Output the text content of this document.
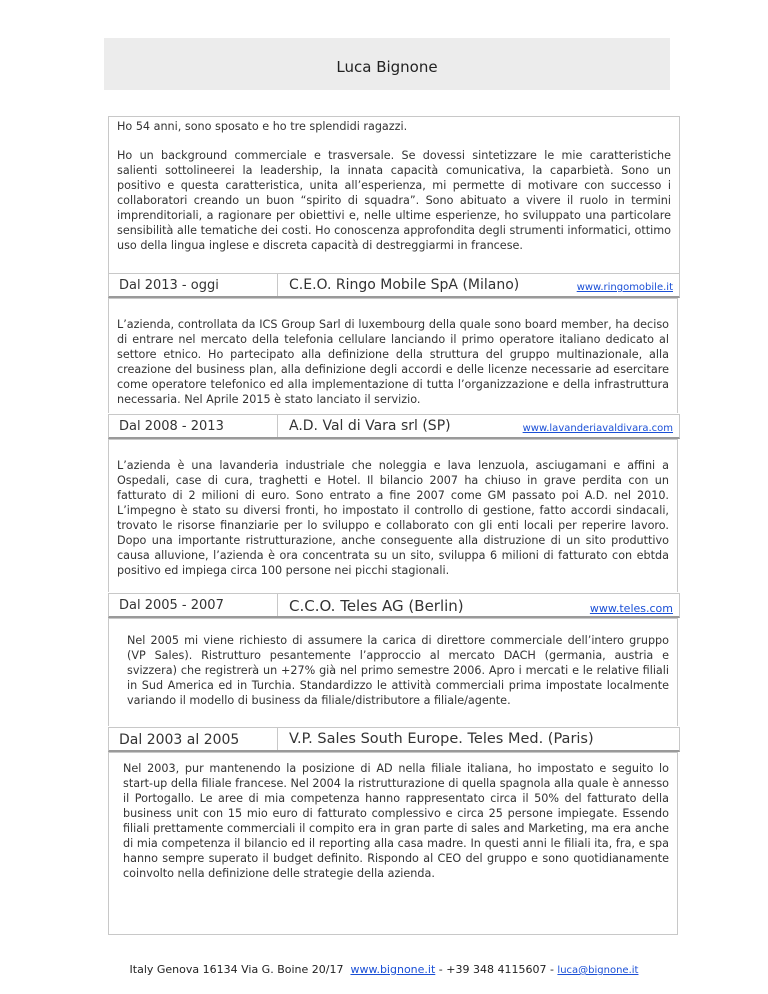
Luca Bignone
Ho 54 anni, sono sposato e ho tre splendidi ragazzi.
Ho un background commerciale e trasversale. Se dovessi sintetizzare le mie caratteristiche salienti sottolineerei la leadership, la innata capacità comunicativa, la caparbietà. Sono un positivo e questa caratteristica, unita all’esperienza, mi permette di motivare con successo i collaboratori creando un buon “spirito di squadra”. Sono abituato a vivere il ruolo in termini imprenditoriali, a ragionare per obiettivi e, nelle ultime esperienze, ho sviluppato una particolare sensibilità alle tematiche dei costi. Ho conoscenza approfondita degli strumenti informatici, ottimo uso della lingua inglese e discreta capacità di destreggiarmi in francese.
Dal 2013 - oggi	C.E.O. Ringo Mobile SpA (Milano)	www.ringomobile.it
L’azienda, controllata da ICS Group Sarl di luxembourg della quale sono board member, ha deciso di entrare nel mercato della telefonia cellulare lanciando il primo operatore italiano dedicato al settore etnico. Ho partecipato alla definizione della struttura del gruppo multinazionale, alla creazione del business plan, alla definizione degli accordi e delle licenze necessarie ad esercitare come operatore telefonico ed alla implementazione di tutta l’organizzazione e della infrastruttura necessaria. Nel Aprile 2015 è stato lanciato il servizio.
Dal 2008 - 2013	A.D. Val di Vara srl (SP)	www.lavanderiavaldivara.com
L’azienda è una lavanderia industriale che noleggia e lava lenzuola, asciugamani e affini a Ospedali, case di cura, traghetti e Hotel. Il bilancio 2007 ha chiuso in grave perdita con un fatturato di 2 milioni di euro. Sono entrato a fine 2007 come GM passato poi A.D. nel 2010. L’impegno è stato su diversi fronti, ho impostato il controllo di gestione, fatto accordi sindacali, trovato le risorse finanziarie per lo sviluppo e collaborato con gli enti locali per reperire lavoro. Dopo una importante ristrutturazione, anche conseguente alla distruzione di un sito produttivo causa alluvione, l’azienda è ora concentrata su un sito, sviluppa 6 milioni di fatturato con ebtda positivo ed impiega circa 100 persone nei picchi stagionali.
Dal 2005 - 2007	C.C.O. Teles AG (Berlin)	www.teles.com
Nel 2005 mi viene richiesto di assumere la carica di direttore commerciale dell’intero gruppo (VP Sales). Ristrutturo pesantemente l’approccio al mercato DACH (germania, austria e svizzera) che registrerà un +27% già nel primo semestre 2006. Apro i mercati e le relative filiali in Sud America ed in Turchia. Standardizzo le attività commerciali prima impostate localmente variando il modello di business da filiale/distributore a filiale/agente.
Dal 2003 al 2005	V.P. Sales South Europe. Teles Med. (Paris)
Nel 2003, pur mantenendo la posizione di AD nella filiale italiana, ho impostato e seguito lo start-up della filiale francese. Nel 2004 la ristrutturazione di quella spagnola alla quale è annesso il Portogallo. Le aree di mia competenza hanno rappresentato circa il 50% del fatturato della business unit con 15 mio euro di fatturato complessivo e circa 25 persone impiegate. Essendo filiali prettamente commerciali il compito era in gran parte di sales and Marketing, ma era anche di mia competenza il bilancio ed il reporting alla casa madre. In questi anni le filiali ita, fra, e spa hanno sempre superato il budget definito. Rispondo al CEO del gruppo e sono quotidianamente coinvolto nella definizione delle strategie della azienda.
Italy Genova 16134 Via G. Boine 20/17 www.bignone.it - +39 348 4115607 - luca@bignone.it
